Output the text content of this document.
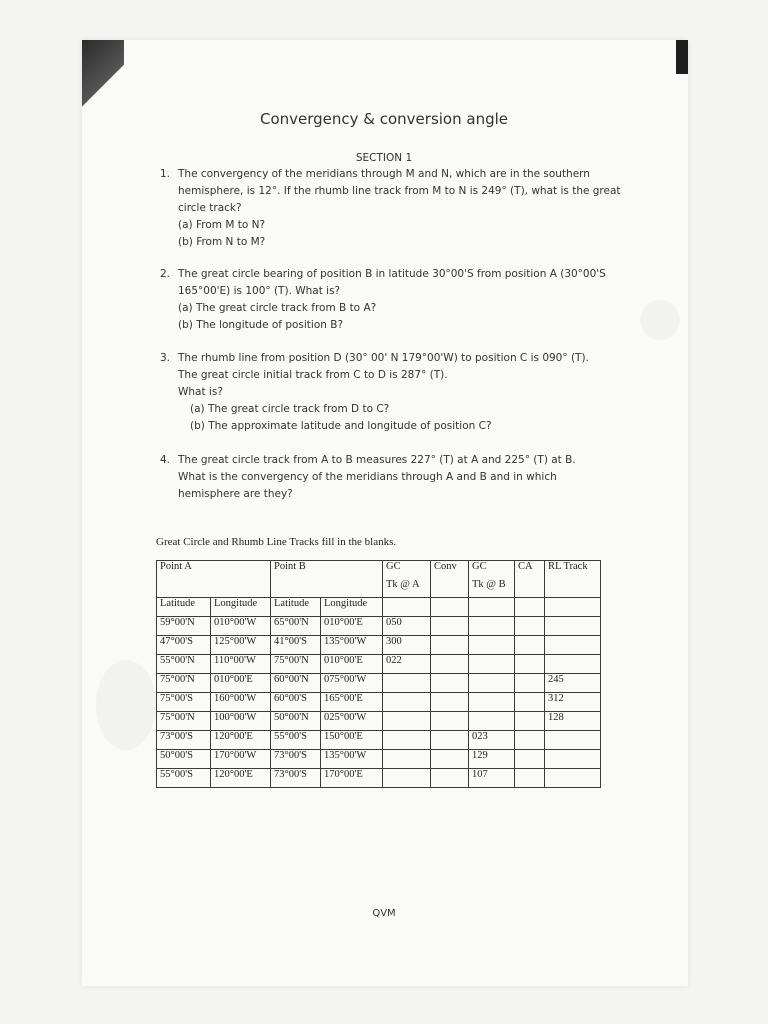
Convergency & conversion angle
SECTION 1
1. The convergency of the meridians through M and N, which are in the southern
hemisphere, is 12°. If the rhumb line track from M to N is 249° (T), what is the great
circle track?
(a) From M to N?
(b) From N to M?
2. The great circle bearing of position B in latitude 30°00'S from position A (30°00'S
165°00'E) is 100° (T). What is?
(a) The great circle track from B to A?
(b) The longitude of position B?
3. The rhumb line from position D (30° 00' N 179°00'W) to position C is 090° (T).
The great circle initial track from C to D is 287° (T).
What is?
(a) The great circle track from D to C?
(b) The approximate latitude and longitude of position C?
4. The great circle track from A to B measures 227° (T) at A and 225° (T) at B.
What is the convergency of the meridians through A and B and in which
hemisphere are they?
Great Circle and Rhumb Line Tracks fill in the blanks.
Point A		Point B		GC	Conv	GC	CA	RL Track
				Tk @ A		Tk @ B		
Latitude	Longitude	Latitude	Longitude					
59°00'N	010°00'W	65°00'N	010°00'E	050				
47°00'S	125°00'W	41°00'S	135°00'W	300				
55°00'N	110°00'W	75°00'N	010°00'E	022				
75°00'N	010°00'E	60°00'N	075°00'W					245
75°00'S	160°00'W	60°00'S	165°00'E					312
75°00'N	100°00'W	50°00'N	025°00'W					128
73°00'S	120°00'E	55°00'S	150°00'E			023		
50°00'S	170°00'W	73°00'S	135°00'W			129		
55°00'S	120°00'E	73°00'S	170°00'E			107		
QVM
